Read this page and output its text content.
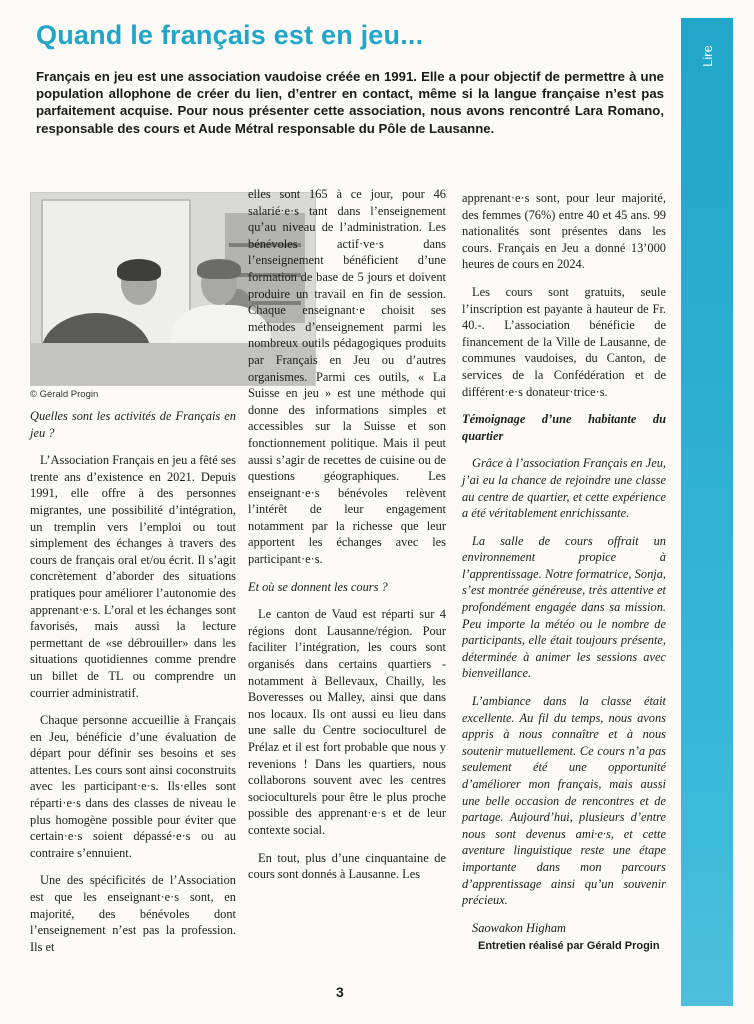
Lire
Quand le français est en jeu...

Français en jeu est une association vaudoise créée en 1991. Elle a pour objectif de permettre à une population allophone de créer du lien, d’entrer en contact, même si la langue française n’est pas parfaitement acquise. Pour nous présenter cette association, nous avons rencontré Lara Romano, responsable des cours et Aude Métral responsable du Pôle de Lausanne.

© Gérald Progin

Quelles sont les activités de Français en jeu ?

L’Association Français en jeu a fêté ses trente ans d’existence en 2021. Depuis 1991, elle offre à des personnes migrantes, une possibilité d’intégration, un tremplin vers l’emploi ou tout simplement des échanges à travers des cours de français oral et/ou écrit. Il s’agit concrètement d’aborder des situations pratiques pour améliorer l’autonomie des apprenant·e·s. L’oral et les échanges sont favorisés, mais aussi la lecture permettant de «se débrouiller» dans les situations quotidiennes comme prendre un billet de TL ou comprendre un courrier administratif.

Chaque personne accueillie à Français en Jeu, bénéficie d’une évaluation de départ pour définir ses besoins et ses attentes. Les cours sont ainsi coconstruits avec les participant·e·s. Ils·elles sont réparti·e·s dans des classes de niveau le plus homogène possible pour éviter que certain·e·s soient dépassé·e·s ou au contraire s’ennuient.

Une des spécificités de l’Association est que les enseignant·e·s sont, en majorité, des bénévoles dont l’enseignement n’est pas la profession. Ils et

elles sont 165 à ce jour, pour 46 salarié·e·s tant dans l’enseignement qu’au niveau de l’administration. Les bénévoles actif·ve·s dans l’enseignement bénéficient d’une formation de base de 5 jours et doivent produire un travail en fin de session. Chaque enseignant·e choisit ses méthodes d’enseignement parmi les nombreux outils pédagogiques produits par Français en Jeu ou d’autres organismes. Parmi ces outils, « La Suisse en jeu » est une méthode qui donne des informations simples et accessibles sur la Suisse et son fonctionnement politique. Mais il peut aussi s’agir de recettes de cuisine ou de questions géographiques. Les enseignant·e·s bénévoles relèvent l’intérêt de leur engagement notamment par la richesse que leur apportent les échanges avec les participant·e·s.

Et où se donnent les cours ?

Le canton de Vaud est réparti sur 4 régions dont Lausanne/région. Pour faciliter l’intégration, les cours sont organisés dans certains quartiers - notamment à Bellevaux, Chailly, les Boveresses ou Malley, ainsi que dans nos locaux. Ils ont aussi eu lieu dans une salle du Centre socioculturel de Prélaz et il est fort probable que nous y revenions ! Dans les quartiers, nous collaborons souvent avec les centres socioculturels pour être le plus proche possible des apprenant·e·s et de leur contexte social.

En tout, plus d’une cinquantaine de cours sont donnés à Lausanne. Les

apprenant·e·s sont, pour leur majorité, des femmes (76%) entre 40 et 45 ans. 99 nationalités sont présentes dans les cours. Français en Jeu a donné 13’000 heures de cours en 2024.

Les cours sont gratuits, seule l’inscription est payante à hauteur de Fr. 40.-. L’association bénéficie de financement de la Ville de Lausanne, de communes vaudoises, du Canton, de services de la Confédération et de différent·e·s donateur·trice·s.

Témoignage d’une habitante du quartier

Grâce à l’association Français en Jeu, j’ai eu la chance de rejoindre une classe au centre de quartier, et cette expérience a été véritablement enrichissante.

La salle de cours offrait un environnement propice à l’apprentissage. Notre formatrice, Sonja, s’est montrée généreuse, très attentive et profondément engagée dans sa mission. Peu importe la météo ou le nombre de participants, elle était toujours présente, déterminée à animer les sessions avec bienveillance.

L’ambiance dans la classe était excellente. Au fil du temps, nous avons appris à nous connaître et à nous soutenir mutuellement. Ce cours n’a pas seulement été une opportunité d’améliorer mon français, mais aussi une belle occasion de rencontres et de partage. Aujourd’hui, plusieurs d’entre nous sont devenus ami·e·s, et cette aventure linguistique reste une étape importante dans mon parcours d’apprentissage ainsi qu’un souvenir précieux.

Saowakon Higham

Entretien réalisé par Gérald Progin
3
